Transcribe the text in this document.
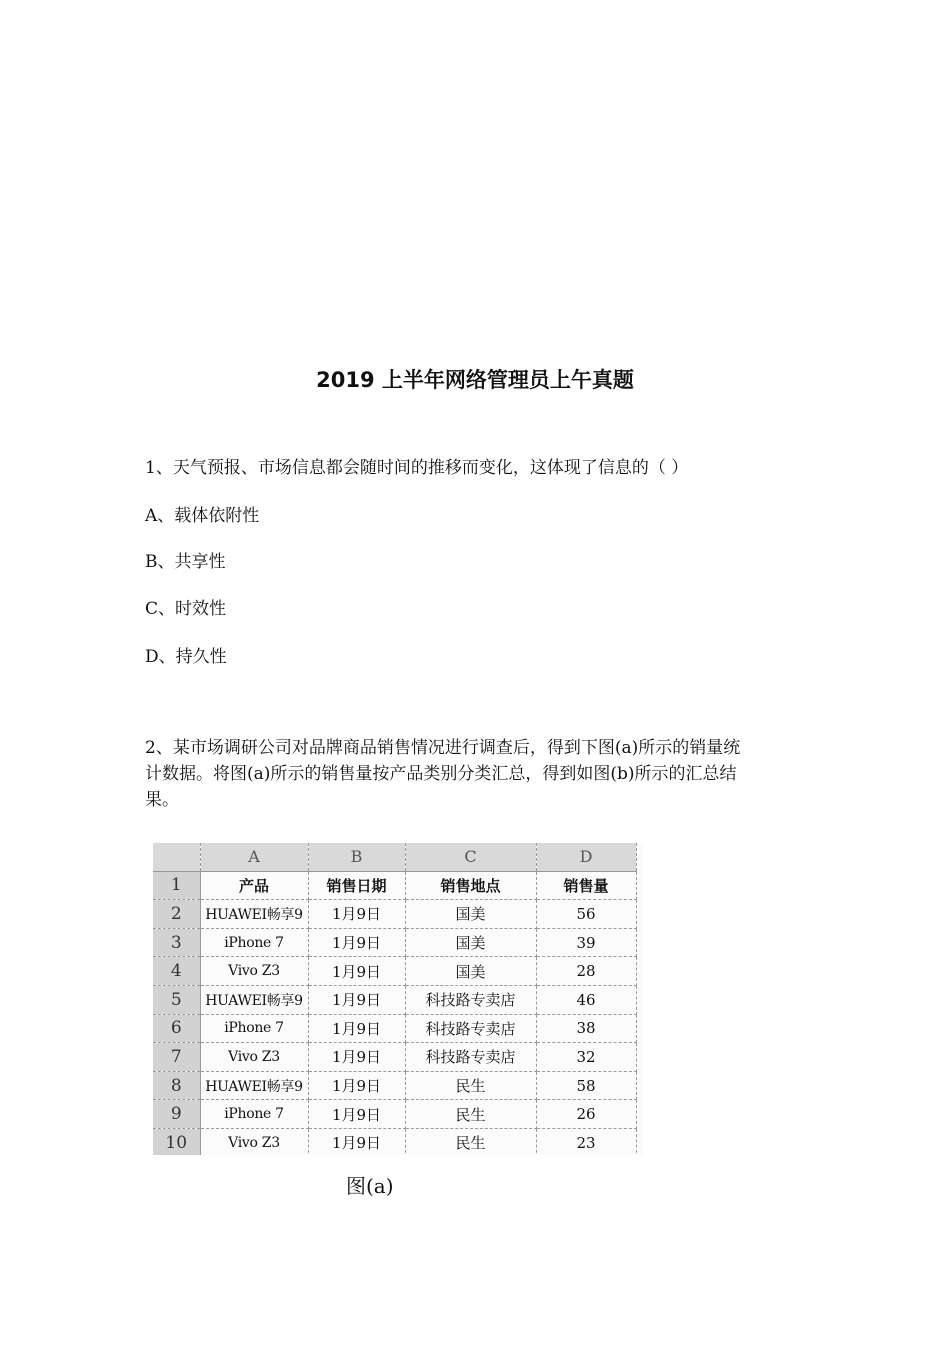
2019 上半年网络管理员上午真题
1、天气预报、市场信息都会随时间的推移而变化，这体现了信息的（ ）
A、载体依附性
B、共享性
C、时效性
D、持久性
2、某市场调研公司对品牌商品销售情况进行调查后，得到下图(a)所示的销量统
计数据。将图(a)所示的销售量按产品类别分类汇总，得到如图(b)所示的汇总结
果。
	A	B	C	D
1	产品	销售日期	销售地点	销售量
2	HUAWEI畅享9	1月9日	国美	56
3	iPhone 7	1月9日	国美	39
4	Vivo Z3	1月9日	国美	28
5	HUAWEI畅享9	1月9日	科技路专卖店	46
6	iPhone 7	1月9日	科技路专卖店	38
7	Vivo Z3	1月9日	科技路专卖店	32
8	HUAWEI畅享9	1月9日	民生	58
9	iPhone 7	1月9日	民生	26
10	Vivo Z3	1月9日	民生	23
图(a)
